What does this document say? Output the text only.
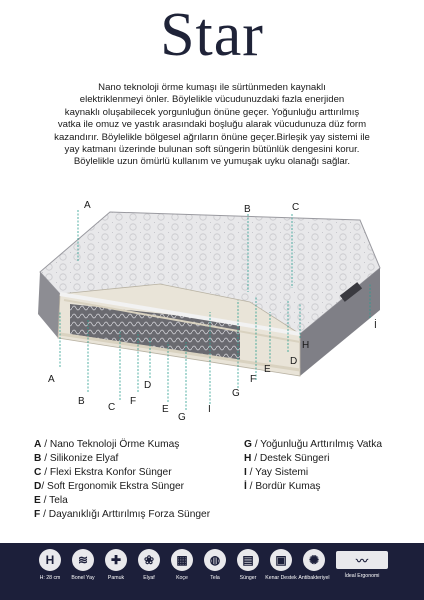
Star
Nano teknoloji örme kumaşı ile sürtünmeden kaynaklı
elektriklenmeyi önler. Böylelikle vücudunuzdaki fazla enerjiden
kaynaklı oluşabilecek yorgunluğun önüne geçer. Yoğunluğu arttırılmış
vatka ile omuz ve yastık arasındaki boşluğu alarak vücudunuza düz form
kazandırır. Böylelikle bölgesel ağrıların önüne geçer.Birleşik yay sistemi ile
yay katmanı üzerinde bulunan soft süngerin bütünlük dengesini korur.
Böylelikle uzun ömürlü kullanım ve yumuşak uyku olanağı sağlar.
A	B	C
A
B
C
D
E
F
G
I
G
F
E
D
H
İ
A / Nano Teknoloji Örme Kumaş
B / Silikonize Elyaf
C / Flexi Ekstra Konfor Sünger
D/ Soft Ergonomik Ekstra Sünger
E / Tela
F / Dayanıklığı Arttırılmış Forza Sünger
G / Yoğunluğu Arttırılmış Vatka
H / Destek Süngeri
I / Yay Sistemi
İ / Bordür Kumaş
H
H: 28 cm
≋
Bonel Yay
✚
Pamuk
❀
Elyaf
▦
Koçe
◍
Tela
▤
Sünger
▣
Kenar Destek
✺
Antibakteriyel
〰
İdeal Ergonomi
